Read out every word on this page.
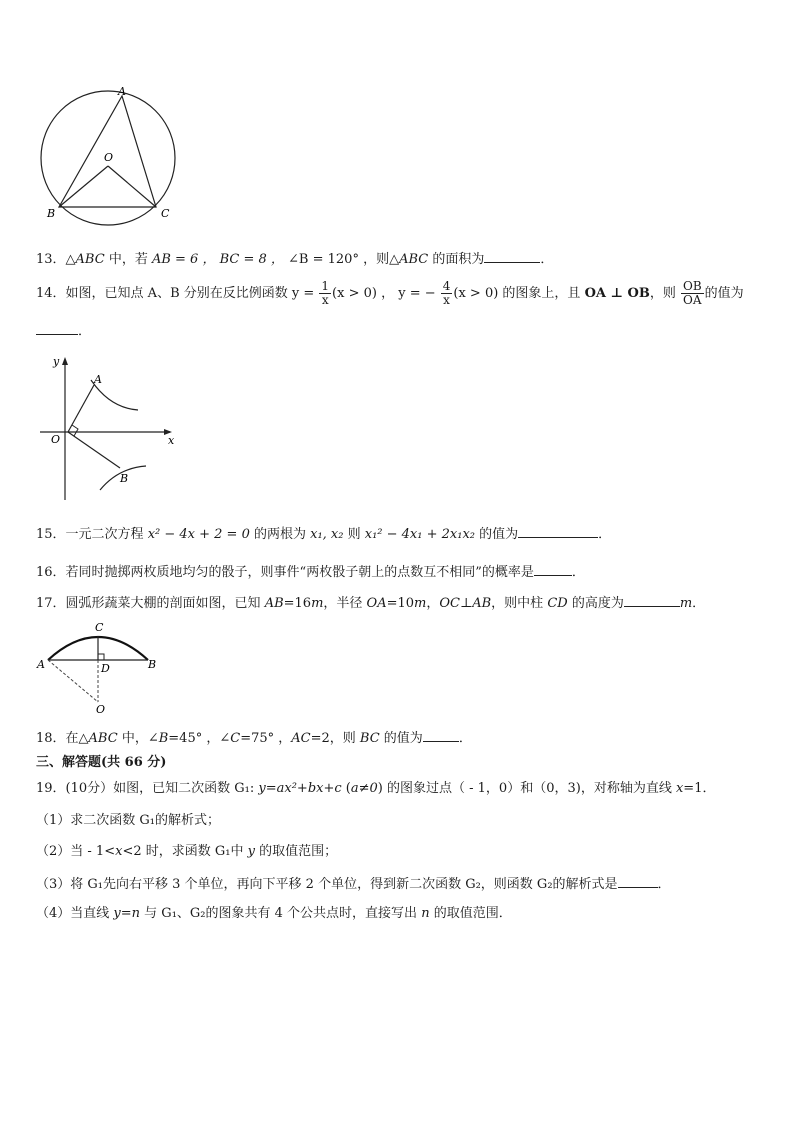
A
O
B	C
13．△ABC 中，若 AB = 6 ， BC = 8 ， ∠B = 120° ，则△ABC 的面积为	．
14．如图，已知点 A、B 分别在反比例函数 $y = \frac{1}{x} (x > 0)$ ， y = − $\frac{4}{x} (x > 0)$ 的图象上，且 OA ⊥ OB，则 $\frac{OB}{OA}$ 的值为
．
y
x
O
A
B
15．一元二次方程 x² − 4x + 2 = 0 的两根为 x₁, x₂ 则 x₁² − 4x₁ + 2x₁x₂ 的值为	．
16．若同时抛掷两枚质地均匀的骰子，则事件“两枚骰子朝上的点数互不相同”的概率是	．
17．圆弧形蔬菜大棚的剖面如图，已知 AB=16m，半径 OA=10m，OC⊥AB，则中柱 CD 的高度为	m．
A	B
C
D
O
18．在△ABC 中，∠B=45° ，∠C=75° ，AC=2，则 BC 的值为	．
三、解答题(共 66 分)
19．(10分）如图，已知二次函数 G₁: y=ax²+bx+c (a≠0) 的图象过点（ - 1，0）和（0，3)，对称轴为直线 x=1．
（1）求二次函数 G₁的解析式；
（2）当 - 1<x<2 时，求函数 G₁中 y 的取值范围；
（3）将 G₁先向右平移 3 个单位，再向下平移 2 个单位，得到新二次函数 G₂，则函数 G₂的解析式是	．
（4）当直线 y=n 与 G₁、G₂的图象共有 4 个公共点时，直接写出 n 的取值范围．
